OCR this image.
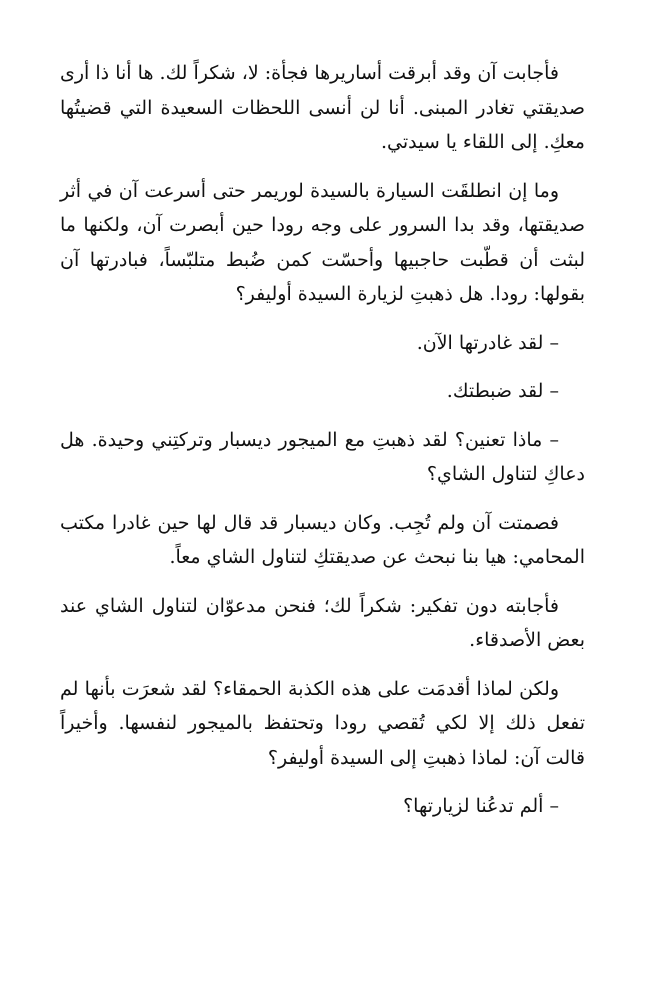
فأجابت آن وقد أبرقت أساريرها فجأة: لا، شكراً لك. ها أنا ذا أرى صديقتي تغادر المبنى. أنا لن أنسى اللحظات السعيدة التي قضيتُها معكِ. إلى اللقاء يا سيدتي.

وما إن انطلقَت السيارة بالسيدة لوريمر حتى أسرعت آن في أثر صديقتها، وقد بدا السرور على وجه رودا حين أبصرت آن، ولكنها ما لبثت أن قطّبت حاجبيها وأحسّت كمن ضُبط متلبّساً، فبادرتها آن بقولها: رودا. هل ذهبتِ لزيارة السيدة أوليفر؟

– لقد غادرتها الآن.

– لقد ضبطتك.

– ماذا تعنين؟ لقد ذهبتِ مع الميجور ديسبار وتركتِني وحيدة. هل دعاكِ لتناول الشاي؟

فصمتت آن ولم تُجِب. وكان ديسبار قد قال لها حين غادرا مكتب المحامي: هيا بنا نبحث عن صديقتكِ لتناول الشاي معاً.

فأجابته دون تفكير: شكراً لك؛ فنحن مدعوّان لتناول الشاي عند بعض الأصدقاء.

ولكن لماذا أقدمَت على هذه الكذبة الحمقاء؟ لقد شعرَت بأنها لم تفعل ذلك إلا لكي تُقصي رودا وتحتفظ بالميجور لنفسها. وأخيراً قالت آن: لماذا ذهبتِ إلى السيدة أوليفر؟

– ألم تدعُنا لزيارتها؟
